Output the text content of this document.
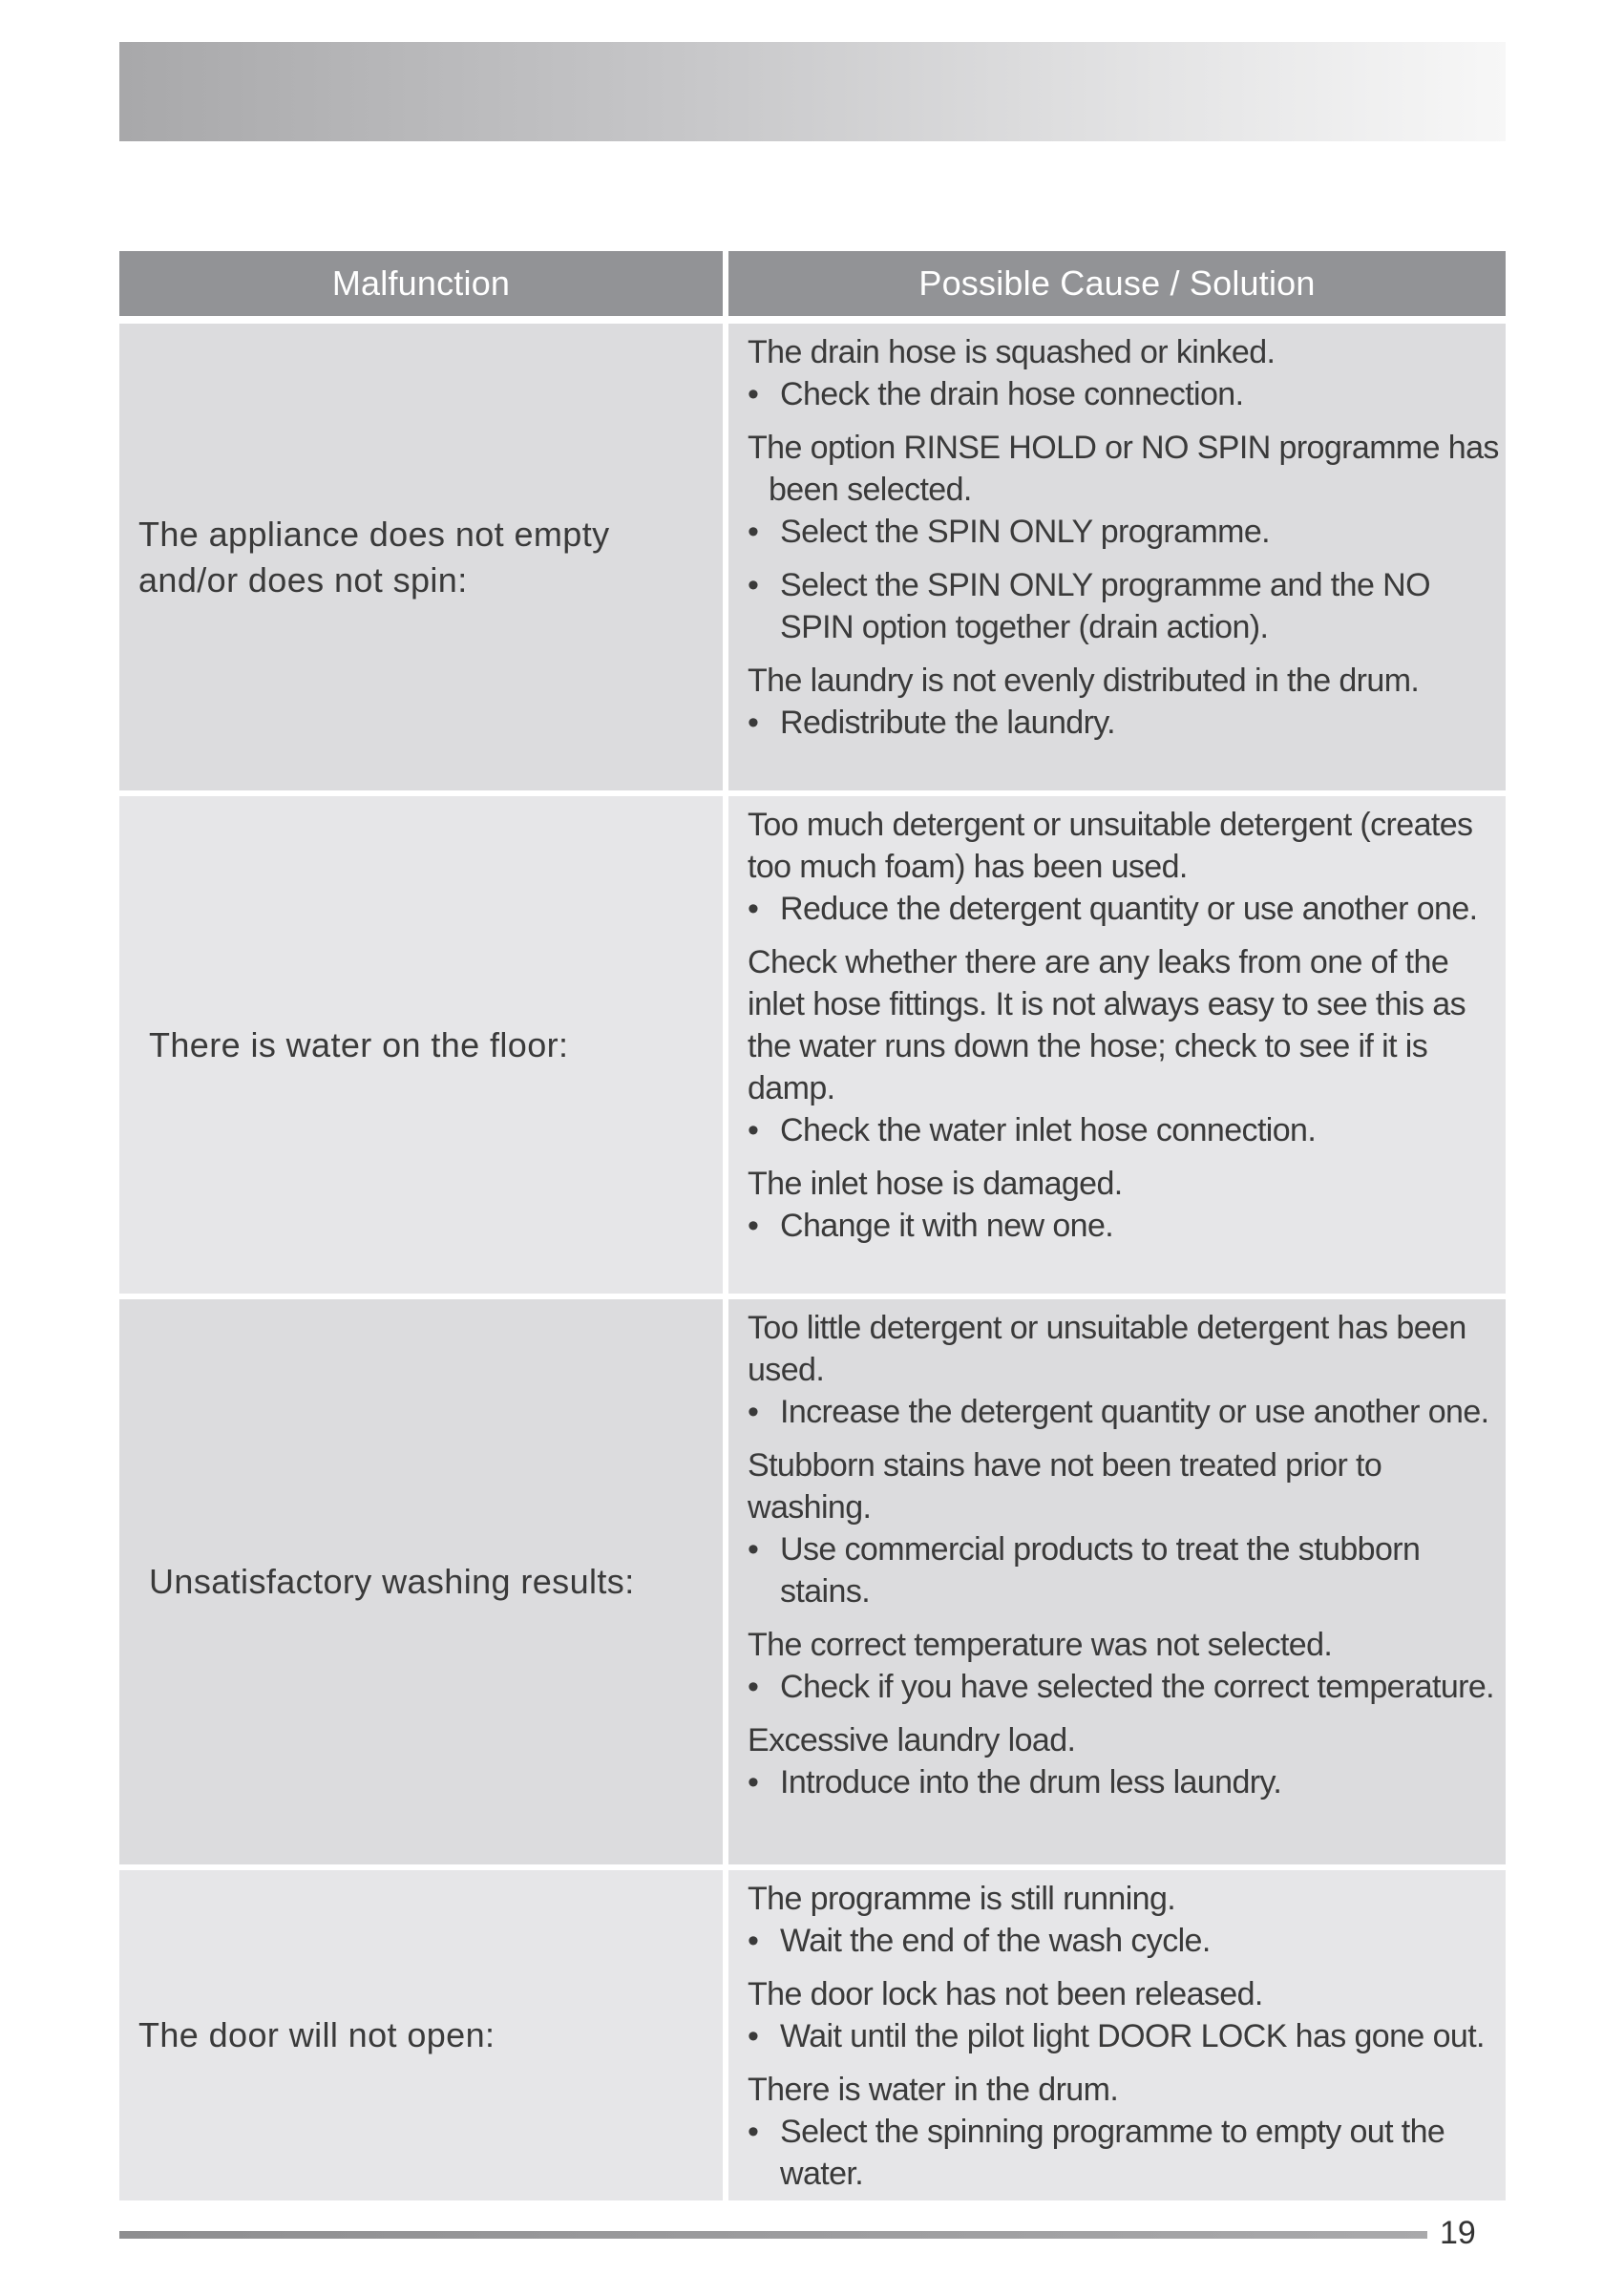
Malfunction	Possible Cause / Solution
The appliance does not empty and/or does not spin:

The drain hose is squashed or kinked.

• Check the drain hose connection.

The option RINSE HOLD or NO SPIN programme has been selected.

• Select the SPIN ONLY programme.
• Select the SPIN ONLY programme and the NO SPIN option together (drain action).

The laundry is not evenly distributed in the drum.

• Redistribute the laundry.
There is water on the floor:

Too much detergent or unsuitable detergent (creates too much foam) has been used.

• Reduce the detergent quantity or use another one.

Check whether there are any leaks from one of the inlet hose fittings. It is not always easy to see this as the water runs down the hose; check to see if it is damp.

• Check the water inlet hose connection.

The inlet hose is damaged.

• Change it with new one.
Unsatisfactory washing results:

Too little detergent or unsuitable detergent has been used.

• Increase the detergent quantity or use another one.

Stubborn stains have not been treated prior to washing.

• Use commercial products to treat the stubborn stains.

The correct temperature was not selected.

• Check if you have selected the correct temperature.

Excessive laundry load.

• Introduce into the drum less laundry.
The door will not open:

The programme is still running.

• Wait the end of the wash cycle.

The door lock has not been released.

• Wait until the pilot light DOOR LOCK has gone out.

There is water in the drum.

• Select the spinning programme to empty out the water.
19
